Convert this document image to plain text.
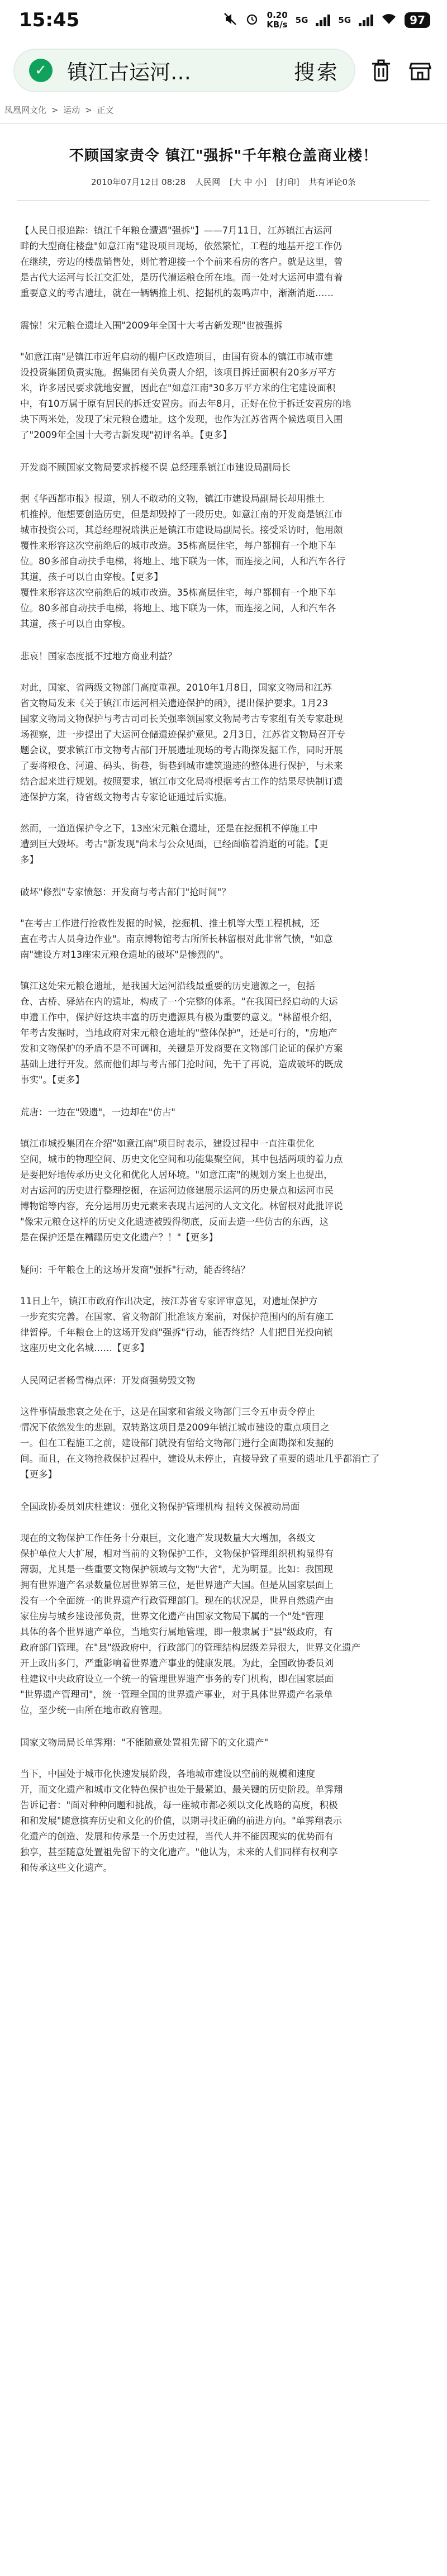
15:45	0.20
KB/s 5G	5G	97
✓ 镇江古运河…	搜索
凤凰网文化 > 运动 > 正文
不顾国家责令 镇江"强拆"千年粮仓盖商业楼！
2010年07月12日 08:28 人民网 [大 中 小] [打印] 共有评论0条

【人民日报追踪：镇江千年粮仓遭遇"强拆"】——7月11日，江苏镇江古运河

畔的大型商住楼盘"如意江南"建设项目现场，依然繁忙，工程的地基开挖工作仍

在继续，旁边的楼盘销售处，则忙着迎接一个个前来看房的客户。就是这里，曾

是古代大运河与长江交汇处，是历代漕运粮仓所在地。而一处对大运河申遗有着

重要意义的考古遗址，就在一辆辆推土机、挖掘机的轰鸣声中，渐渐消逝……

震惊！宋元粮仓遗址入围"2009年全国十大考古新发现"也被强拆

"如意江南"是镇江市近年启动的棚户区改造项目，由国有资本的镇江市城市建

设投资集团负责实施。据集团有关负责人介绍，该项目拆迁面积有20多万平方

米，许多居民要求就地安置，因此在"如意江南"30多万平方米的住宅建设面积

中，有10万属于原有居民的拆迁安置房。而去年8月，正好在位于拆迁安置房的地

块下两米处，发现了宋元粮仓遗址。这个发现，也作为江苏省两个候选项目入围

了"2009年全国十大考古新发现"初评名单。【更多】

开发商不顾国家文物局要求拆楼不误 总经理系镇江市建设局副局长

据《华西都市报》报道，别人不敢动的文物，镇江市建设局副局长却用推土

机推掉。他想要创造历史，但是却毁掉了一段历史。如意江南的开发商是镇江市

城市投资公司，其总经理祝瑞洪正是镇江市建设局副局长。接受采访时，他用颇

覆性来形容这次空前绝后的城市改造。35栋高层住宅，每户都拥有一个地下车

位。80多部自动扶手电梯，将地上、地下联为一体，而连接之间，人和汽车各行

其道，孩子可以自由穿梭。【更多】

覆性来形容这次空前绝后的城市改造。35栋高层住宅，每户都拥有一个地下车

位。80多部自动扶手电梯，将地上、地下联为一体，而连接之间，人和汽车各

其道，孩子可以自由穿梭。

悲哀！国家态度抵不过地方商业利益？

对此，国家、省两级文物部门高度重视。2010年1月8日，国家文物局和江苏

省文物局发来《关于镇江市运河相关遗迹保护的函》，提出保护要求。1月23

国家文物局文物保护与考古司司长关强率领国家文物局考古专家组有关专家赴现

场视察，进一步提出了大运河仓储遗迹保护意见。2月3日，江苏省文物局召开专

题会议，要求镇江市文物考古部门开展遗址现场的考古勘探发掘工作，同时开展

了要将粮仓、河道、码头、街巷，街巷到城市建筑遗迹的整体进行保护，与未来

结合起来进行规划。按照要求，镇江市文化局将根据考古工作的结果尽快制订遗

迹保护方案，待省级文物考古专家论证通过后实施。

然而，一道道保护令之下，13座宋元粮仓遗址，还是在挖掘机不停施工中

遭到巨大毁坏。考古"新发现"尚未与公众见面，已经面临着消逝的可能。【更

多】

破坏"修烈"专家愤怒：开发商与考古部门"抢时间"？

"在考古工作进行抢救性发掘的时候，挖掘机、推土机等大型工程机械，还

直在考古人员身边作业"。南京博物馆考古所所长林留根对此非常气愤，"如意

南"建设方对13座宋元粮仓遗址的破坏"是惨烈的"。

镇江这处宋元粮仓遗址，是我国大运河沿线最重要的历史遗源之一，包括

仓、古桥、驿站在内的遗址，构成了一个完整的体系。"在我国已经启动的大运

申遗工作中，保护好这块丰富的历史遗源具有极为重要的意义。"林留根介绍，

年考古发掘时，当地政府对宋元粮仓遗址的"整体保护"，还是可行的，"房地产

发和文物保护的矛盾不是不可调和，关键是开发商要在文物部门论证的保护方案

基础上进行开发。然而他们却与考古部门抢时间，先干了再说，造成破坏的既成

事实"。【更多】

荒唐：一边在"毁遗"，一边却在"仿古"

镇江市城投集团在介绍"如意江南"项目时表示，建设过程中一直注重优化

空间，城市的物理空间、历史文化空间和功能集聚空间，其中包括两项的着力点

是要把好地传承历史文化和优化人居环境。"如意江南"的规划方案上也提出，

对古运河的历史进行整理挖掘，在运河边修建展示运河的历史景点和运河市民

博物馆等内容，充分运用历史元素来表现古运河的人文文化。林留根对此批评说

"像宋元粮仓这样的历史文化遗迹被毁得彻底，反而去造一些仿古的东西，这

是在保护还是在糟蹋历史文化遗产？！"【更多】

疑问：千年粮仓上的这场开发商"强拆"行动，能否终结？

11日上午，镇江市政府作出决定，按江苏省专家评审意见，对遗址保护方

一步充实完善。在国家、省文物部门批准该方案前，对保护范围内的所有施工

律暂停。千年粮仓上的这场开发商"强拆"行动，能否终结？人们把目光投向镇

这座历史文化名城……【更多】

人民网记者杨雪梅点评：开发商强势毁文物

这件事情最悲哀之处在于，这是在国家和省级文物部门三令五申责令停止

情况下依然发生的悲剧。双转路这项目是2009年镇江城市建设的重点项目之

一。但在工程施工之前，建设部门就没有留给文物部门进行全面勘探和发掘的

间。而且，在文物抢救保护过程中，建设从未停止，直接导致了重要的遗址几乎都消亡了

【更多】

全国政协委员刘庆柱建议：强化文物保护管理机构 扭转文保被动局面

现在的文物保护工作任务十分艰巨，文化遗产发现数量大大增加，各级文

保护单位大大扩展，相对当前的文物保护工作，文物保护管理组织机构显得有

薄弱，尤其是一些重要文物保护领域与文物"大省"，尤为明显。比如：我国现

拥有世界遗产名录数量位居世界第三位，是世界遗产大国。但是从国家层面上

没有一个全面统一的世界遗产行政管理部门。现在的状况是，世界自然遗产由

家住房与城乡建设部负责，世界文化遗产由国家文物局下属的一个"处"管理

具体的各个世界遗产单位，当地实行属地管理，即一般隶属于"县"级政府，有

政府部门管理。在"县"级政府中，行政部门的管理结构层级差异很大，世界文化遗产

开上政出多门，严重影响着世界遗产事业的健康发展。为此，全国政协委员刘

柱建议中央政府设立一个统一的管理世界遗产事务的专门机构，即在国家层面

"世界遗产管理司"，统一管理全国的世界遗产事业，对于具体世界遗产名录单

位，至少统一由所在地市政府管理。

国家文物局局长单霁翔："不能随意处置祖先留下的文化遗产"

当下，中国处于城市化快速发展阶段，各地城市建设以空前的规模和速度

开，而文化遗产和城市文化特色保护也处于最紧迫、最关键的历史阶段。单霁翔

告诉记者："面对种种问题和挑战，每一座城市都必须以文化战略的高度，积极

和和发展"随意摈弃历史和文化的价值，以期寻找正确的前进方向。"单霁翔表示

化遗产的创造、发展和传承是一个历史过程，当代人并不能因现实的优势而有

独享，甚至随意处置祖先留下的文化遗产。"他认为，未来的人们同样有权利享

和传承这些文化遗产。
